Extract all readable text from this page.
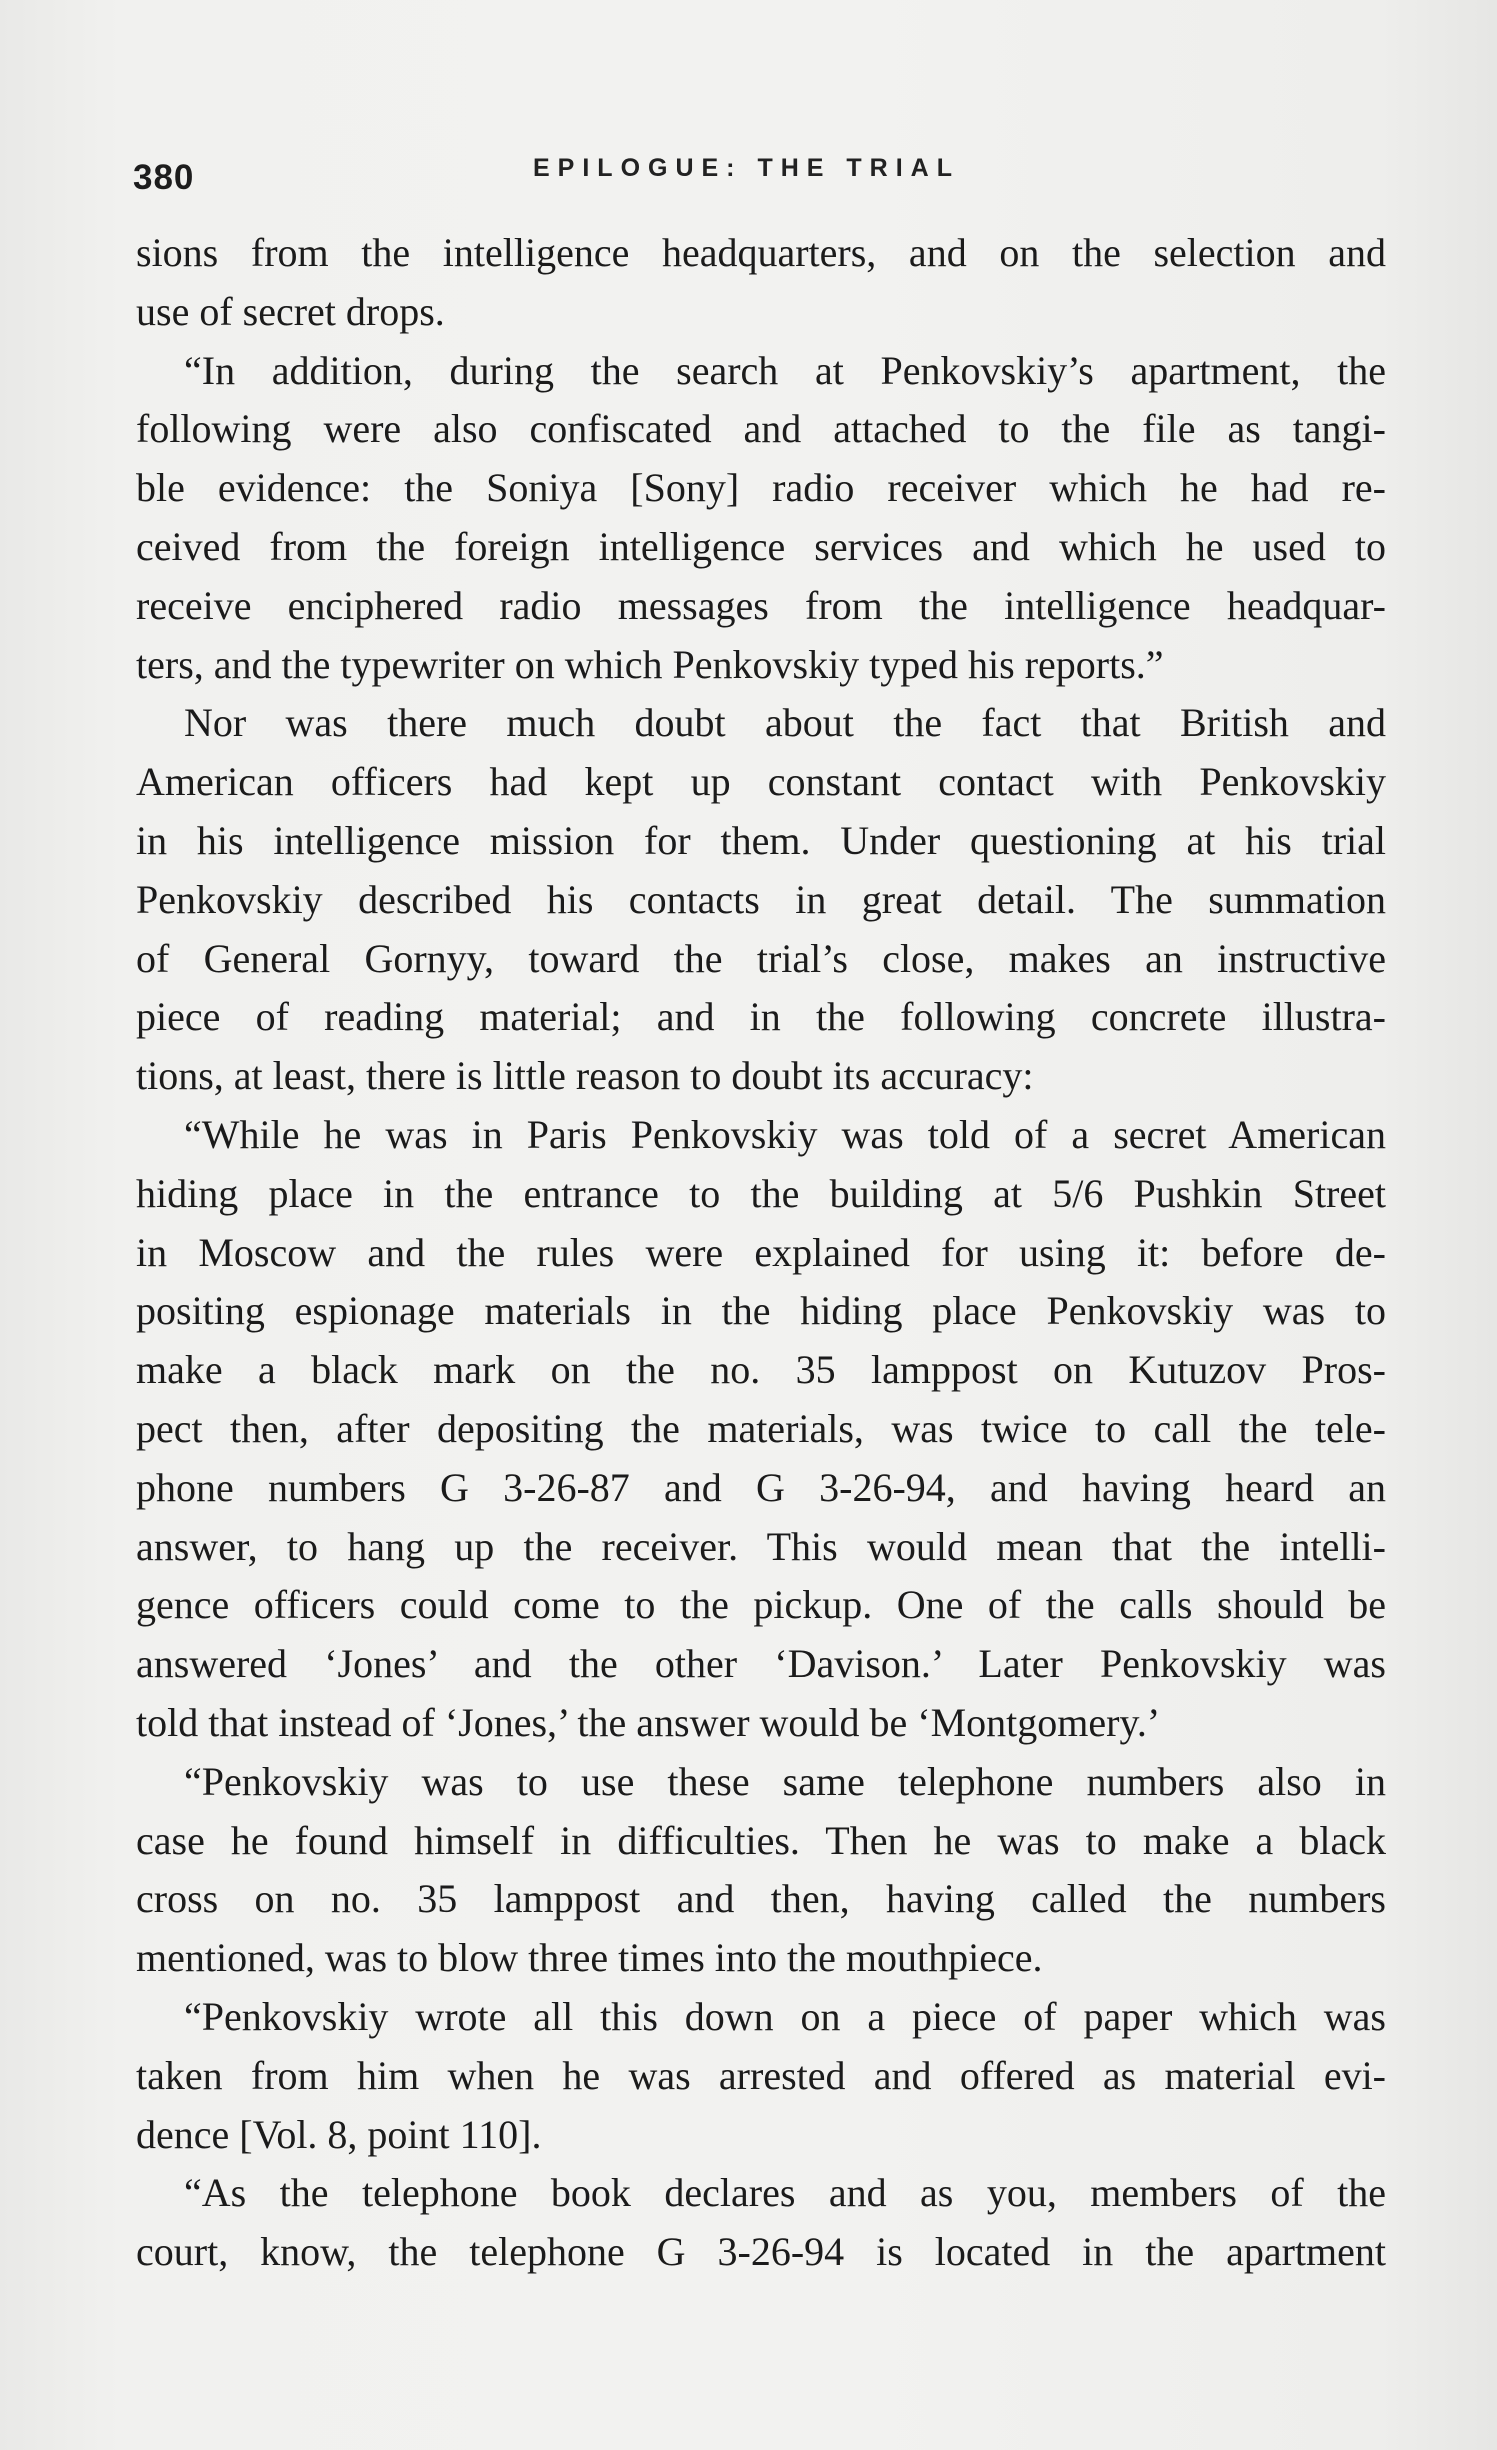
380	EPILOGUE: THE TRIAL
sions from the intelligence headquarters, and on the selection and
use of secret drops.
“In addition, during the search at Penkovskiy’s apartment, the
following were also confiscated and attached to the file as tangi-
ble evidence: the Soniya [Sony] radio receiver which he had re-
ceived from the foreign intelligence services and which he used to
receive enciphered radio messages from the intelligence headquar-
ters, and the typewriter on which Penkovskiy typed his reports.”
Nor was there much doubt about the fact that British and
American officers had kept up constant contact with Penkovskiy
in his intelligence mission for them. Under questioning at his trial
Penkovskiy described his contacts in great detail. The summation
of General Gornyy, toward the trial’s close, makes an instructive
piece of reading material; and in the following concrete illustra-
tions, at least, there is little reason to doubt its accuracy:
“While he was in Paris Penkovskiy was told of a secret American
hiding place in the entrance to the building at 5/6 Pushkin Street
in Moscow and the rules were explained for using it: before de-
positing espionage materials in the hiding place Penkovskiy was to
make a black mark on the no. 35 lamppost on Kutuzov Pros-
pect then, after depositing the materials, was twice to call the tele-
phone numbers G 3-26-87 and G 3-26-94, and having heard an
answer, to hang up the receiver. This would mean that the intelli-
gence officers could come to the pickup. One of the calls should be
answered ‘Jones’ and the other ‘Davison.’ Later Penkovskiy was
told that instead of ‘Jones,’ the answer would be ‘Montgomery.’
“Penkovskiy was to use these same telephone numbers also in
case he found himself in difficulties. Then he was to make a black
cross on no. 35 lamppost and then, having called the numbers
mentioned, was to blow three times into the mouthpiece.
“Penkovskiy wrote all this down on a piece of paper which was
taken from him when he was arrested and offered as material evi-
dence [Vol. 8, point 110].
“As the telephone book declares and as you, members of the
court, know, the telephone G 3-26-94 is located in the apartment
